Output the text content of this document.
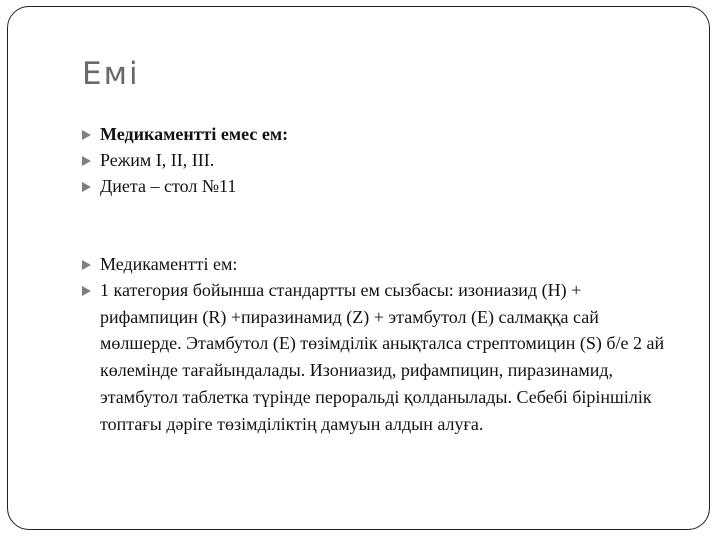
Емі
Медикаментті емес ем:
Режим I, II, III.
Диета – стол №11
Медикаментті ем:
1 категория бойынша стандартты ем сызбасы: изониазид (H) + рифампицин (R) +пиразинамид (Z) + этамбутол (E) салмаққа сай мөлшерде. Этамбутол (E) төзімділік анықталса стрептомицин (S) б/е 2 ай көлемінде тағайындалады. Изониазид, рифампицин, пиразинамид, этамбутол таблетка түрінде пероральді қолданылады. Себебі біріншілік топтағы дәріге төзімділіктің дамуын алдын алуға.
